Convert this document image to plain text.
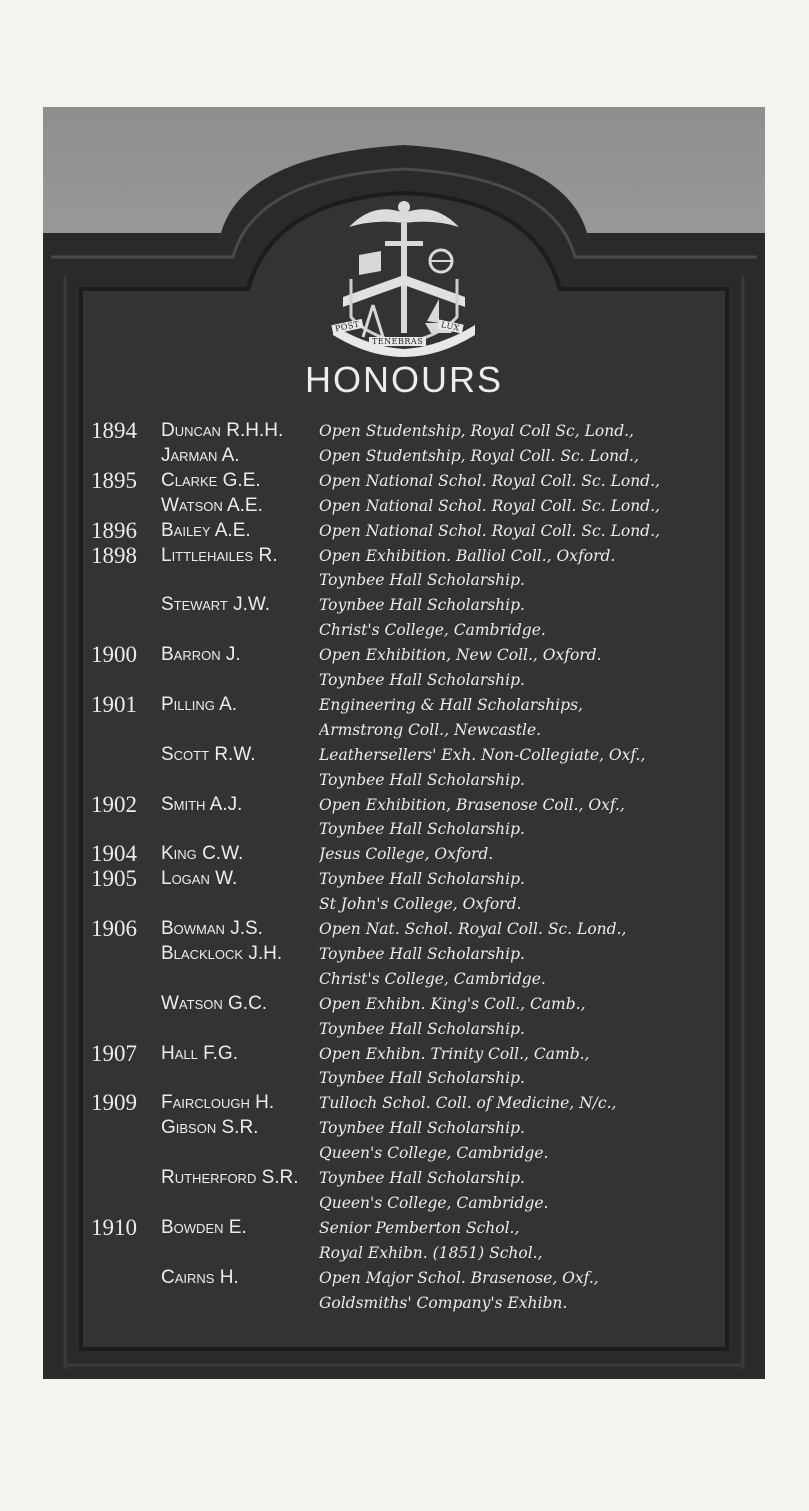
POST
TENEBRAS
LUX
HONOURS
1894	Duncan R.H.H.	Open Studentship, Royal Coll Sc, Lond.,
Jarman A.	Open Studentship, Royal Coll. Sc. Lond.,
1895	Clarke G.E.	Open National Schol. Royal Coll. Sc. Lond.,
Watson A.E.	Open National Schol. Royal Coll. Sc. Lond.,
1896	Bailey A.E.	Open National Schol. Royal Coll. Sc. Lond.,
1898	Littlehailes R.	Open Exhibition. Balliol Coll., Oxford.
Toynbee Hall Scholarship.
Stewart J.W.	Toynbee Hall Scholarship.
Christ's College, Cambridge.
1900	Barron J.	Open Exhibition, New Coll., Oxford.
Toynbee Hall Scholarship.
1901	Pilling A.	Engineering & Hall Scholarships,
Armstrong Coll., Newcastle.
Scott R.W.	Leathersellers' Exh. Non-Collegiate, Oxf.,
Toynbee Hall Scholarship.
1902	Smith A.J.	Open Exhibition, Brasenose Coll., Oxf.,
Toynbee Hall Scholarship.
1904	King C.W.	Jesus College, Oxford.
1905	Logan W.	Toynbee Hall Scholarship.
St John's College, Oxford.
1906	Bowman J.S.	Open Nat. Schol. Royal Coll. Sc. Lond.,
Blacklock J.H.	Toynbee Hall Scholarship.
Christ's College, Cambridge.
Watson G.C.	Open Exhibn. King's Coll., Camb.,
Toynbee Hall Scholarship.
1907	Hall F.G.	Open Exhibn. Trinity Coll., Camb.,
Toynbee Hall Scholarship.
1909	Fairclough H.	Tulloch Schol. Coll. of Medicine, N/c.,
Gibson S.R.	Toynbee Hall Scholarship.
Queen's College, Cambridge.
Rutherford S.R.	Toynbee Hall Scholarship.
Queen's College, Cambridge.
1910	Bowden E.	Senior Pemberton Schol.,
Royal Exhibn. (1851) Schol.,
Cairns H.	Open Major Schol. Brasenose, Oxf.,
Goldsmiths' Company's Exhibn.
